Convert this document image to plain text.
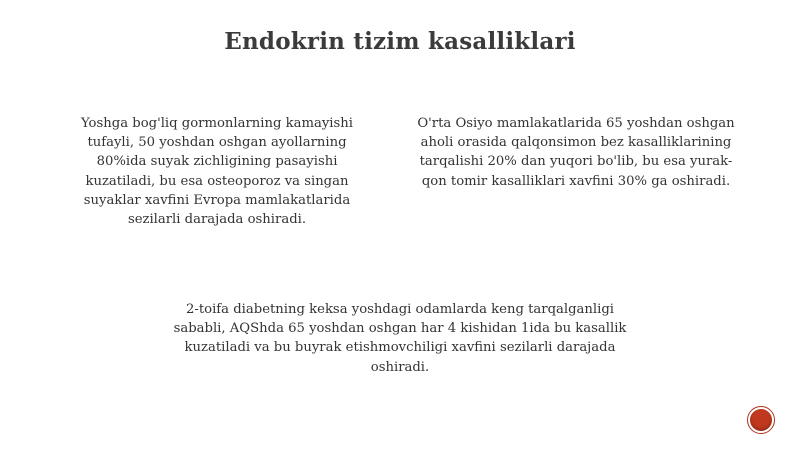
Endokrin tizim kasalliklari
Yoshga bog'liq gormonlarning kamayishi
tufayli, 50 yoshdan oshgan ayollarning
80%ida suyak zichligining pasayishi
kuzatiladi, bu esa osteoporoz va singan
suyaklar xavfini Evropa mamlakatlarida
sezilarli darajada oshiradi.
O'rta Osiyo mamlakatlarida 65 yoshdan oshgan
aholi orasida qalqonsimon bez kasalliklarining
tarqalishi 20% dan yuqori bo'lib, bu esa yurak-
qon tomir kasalliklari xavfini 30% ga oshiradi.
2-toifa diabetning keksa yoshdagi odamlarda keng tarqalganligi
sababli, AQShda 65 yoshdan oshgan har 4 kishidan 1ida bu kasallik
kuzatiladi va bu buyrak etishmovchiligi xavfini sezilarli darajada
oshiradi.
